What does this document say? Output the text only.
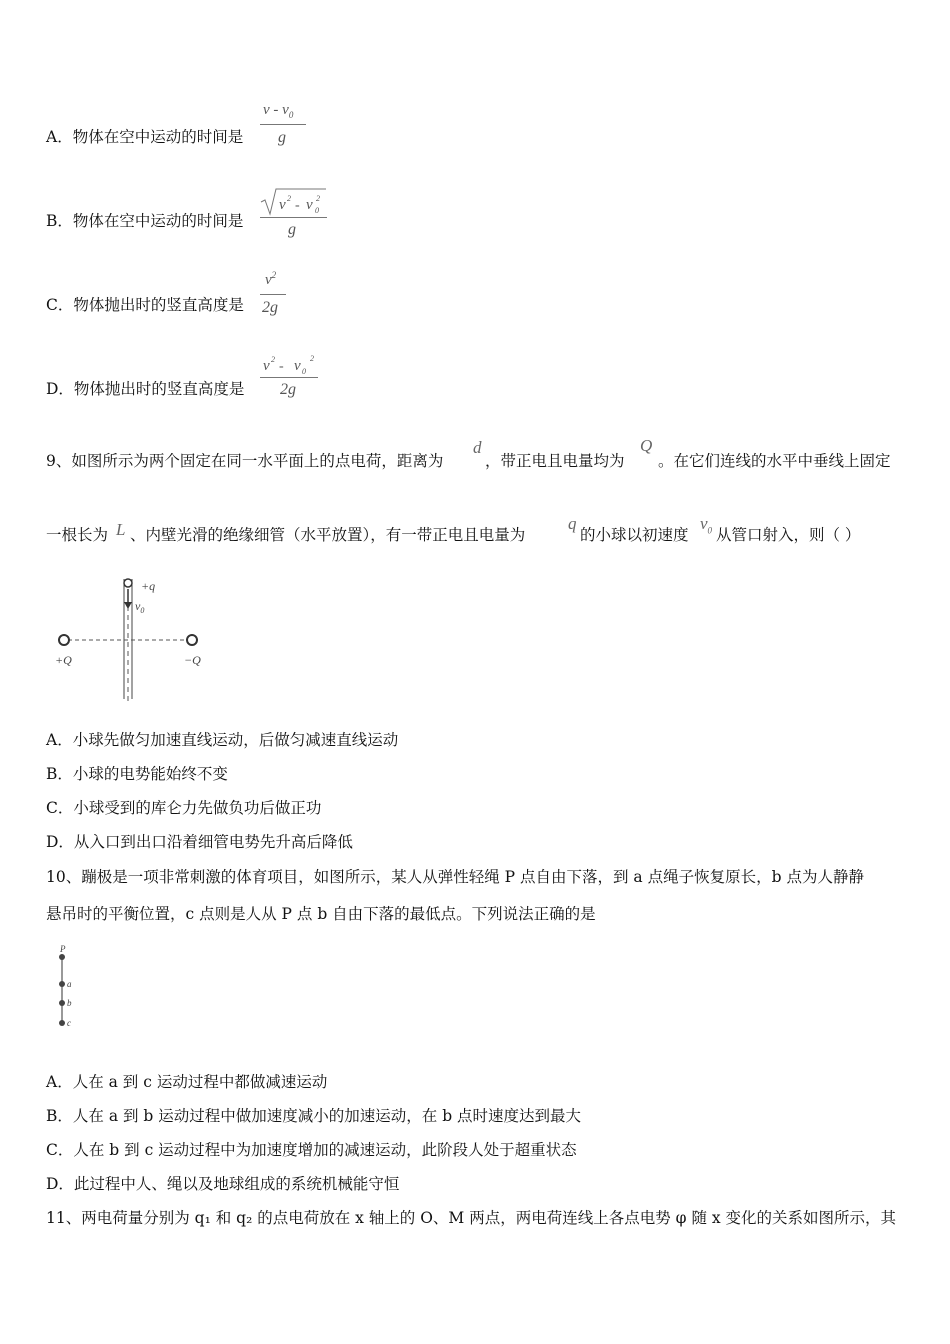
A．物体在空中运动的时间是
v - $v_0$
g
B．物体在空中运动的时间是
v 2 - v 2
0
g
C．物体抛出时的竖直高度是
$v^2$
2g
D．物体抛出时的竖直高度是
v 2 - v 0
2
2g
9、如图所示为两个固定在同一水平面上的点电荷，距离为
d
，带正电且电量均为
Q
。在它们连线的水平中垂线上固定
一根长为 L 、内壁光滑的绝缘细管（水平放置），有一带正电且电量为
q
的小球以初速度
$v_0$ 从管口射入，则（ ）
+q
$v_0$
+Q	−Q
A．小球先做匀加速直线运动，后做匀减速直线运动
B．小球的电势能始终不变
C．小球受到的库仑力先做负功后做正功
D．从入口到出口沿着细管电势先升高后降低
10、蹦极是一项非常刺激的体育项目，如图所示，某人从弹性轻绳 P 点自由下落，到 a 点绳子恢复原长，b 点为人静静
悬吊时的平衡位置，c 点则是人从 P 点 b 自由下落的最低点。下列说法正确的是
P
a
b
c
A．人在 a 到 c 运动过程中都做减速运动
B．人在 a 到 b 运动过程中做加速度减小的加速运动，在 b 点时速度达到最大
C．人在 b 到 c 运动过程中为加速度增加的减速运动，此阶段人处于超重状态
D．此过程中人、绳以及地球组成的系统机械能守恒
11、两电荷量分别为 q₁ 和 q₂ 的点电荷放在 x 轴上的 O、M 两点，两电荷连线上各点电势 φ 随 x 变化的关系如图所示，其
